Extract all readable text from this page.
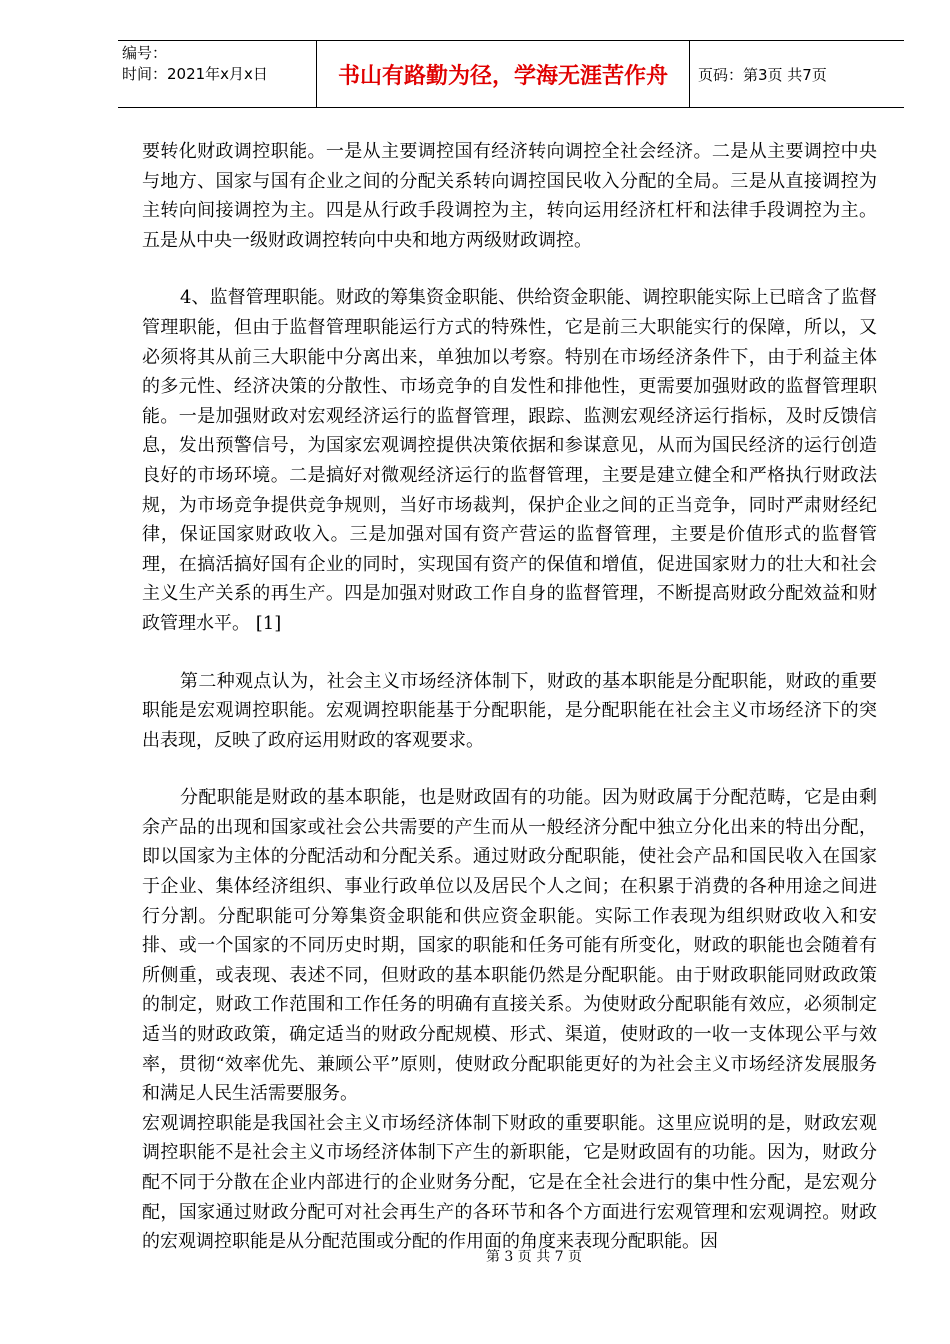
编号：
时间：2021年x月x日	书山有路勤为径，学海无涯苦作舟	页码：第3页 共7页

要转化财政调控职能。一是从主要调控国有经济转向调控全社会经济。二是从主要调控中央与地方、国家与国有企业之间的分配关系转向调控国民收入分配的全局。三是从直接调控为主转向间接调控为主。四是从行政手段调控为主，转向运用经济杠杆和法律手段调控为主。五是从中央一级财政调控转向中央和地方两级财政调控。

4、监督管理职能。财政的筹集资金职能、供给资金职能、调控职能实际上已暗含了监督管理职能，但由于监督管理职能运行方式的特殊性，它是前三大职能实行的保障，所以，又必须将其从前三大职能中分离出来，单独加以考察。特别在市场经济条件下，由于利益主体的多元性、经济决策的分散性、市场竞争的自发性和排他性，更需要加强财政的监督管理职能。一是加强财政对宏观经济运行的监督管理，跟踪、监测宏观经济运行指标，及时反馈信息，发出预警信号，为国家宏观调控提供决策依据和参谋意见，从而为国民经济的运行创造良好的市场环境。二是搞好对微观经济运行的监督管理，主要是建立健全和严格执行财政法规，为市场竞争提供竞争规则，当好市场裁判，保护企业之间的正当竞争，同时严肃财经纪律，保证国家财政收入。三是加强对国有资产营运的监督管理，主要是价值形式的监督管理，在搞活搞好国有企业的同时，实现国有资产的保值和增值，促进国家财力的壮大和社会主义生产关系的再生产。四是加强对财政工作自身的监督管理，不断提高财政分配效益和财政管理水平。 [1]

第二种观点认为，社会主义市场经济体制下，财政的基本职能是分配职能，财政的重要职能是宏观调控职能。宏观调控职能基于分配职能，是分配职能在社会主义市场经济下的突出表现，反映了政府运用财政的客观要求。

分配职能是财政的基本职能，也是财政固有的功能。因为财政属于分配范畴，它是由剩余产品的出现和国家或社会公共需要的产生而从一般经济分配中独立分化出来的特出分配，即以国家为主体的分配活动和分配关系。通过财政分配职能，使社会产品和国民收入在国家于企业、集体经济组织、事业行政单位以及居民个人之间；在积累于消费的各种用途之间进行分割。分配职能可分筹集资金职能和供应资金职能。实际工作表现为组织财政收入和安排、或一个国家的不同历史时期，国家的职能和任务可能有所变化，财政的职能也会随着有所侧重，或表现、表述不同，但财政的基本职能仍然是分配职能。由于财政职能同财政政策的制定，财政工作范围和工作任务的明确有直接关系。为使财政分配职能有效应，必须制定适当的财政政策，确定适当的财政分配规模、形式、渠道，使财政的一收一支体现公平与效率，贯彻“效率优先、兼顾公平”原则，使财政分配职能更好的为社会主义市场经济发展服务和满足人民生活需要服务。

宏观调控职能是我国社会主义市场经济体制下财政的重要职能。这里应说明的是，财政宏观调控职能不是社会主义市场经济体制下产生的新职能，它是财政固有的功能。因为，财政分配不同于分散在企业内部进行的企业财务分配，它是在全社会进行的集中性分配，是宏观分配，国家通过财政分配可对社会再生产的各环节和各个方面进行宏观管理和宏观调控。财政的宏观调控职能是从分配范围或分配的作用面的角度来表现分配职能。因

第 3 页 共 7 页
